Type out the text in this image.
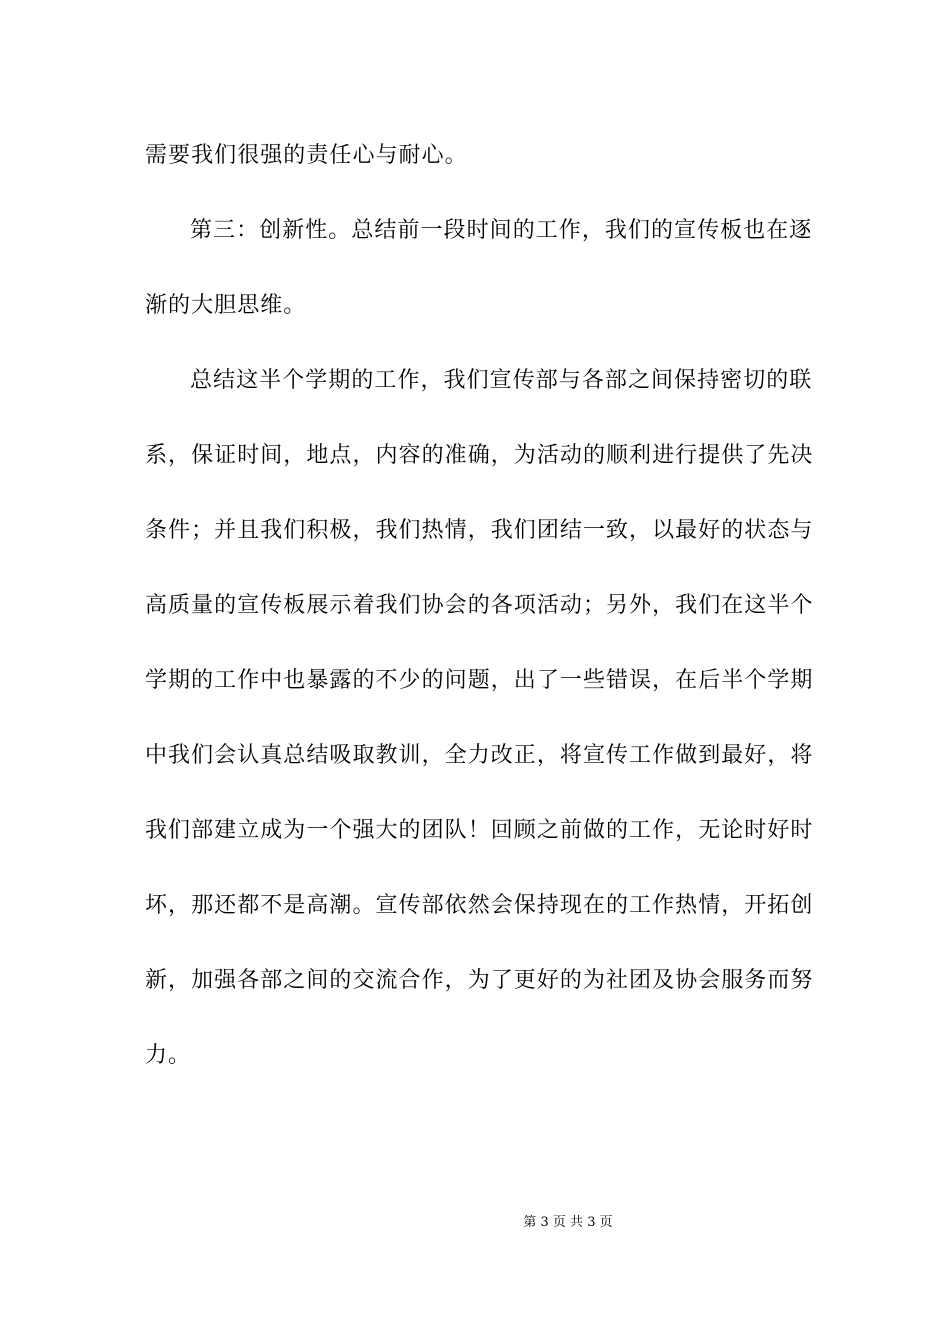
需要我们很强的责任心与耐心。
第三：创新性。总结前一段时间的工作，我们的宣传板也在逐
渐的大胆思维。
总结这半个学期的工作，我们宣传部与各部之间保持密切的联
系，保证时间，地点，内容的准确，为活动的顺利进行提供了先决
条件；并且我们积极，我们热情，我们团结一致，以最好的状态与
高质量的宣传板展示着我们协会的各项活动；另外，我们在这半个
学期的工作中也暴露的不少的问题，出了一些错误，在后半个学期
中我们会认真总结吸取教训，全力改正，将宣传工作做到最好，将
我们部建立成为一个强大的团队！回顾之前做的工作，无论时好时
坏，那还都不是高潮。宣传部依然会保持现在的工作热情，开拓创
新，加强各部之间的交流合作，为了更好的为社团及协会服务而努
力。
第 3 页 共 3 页
